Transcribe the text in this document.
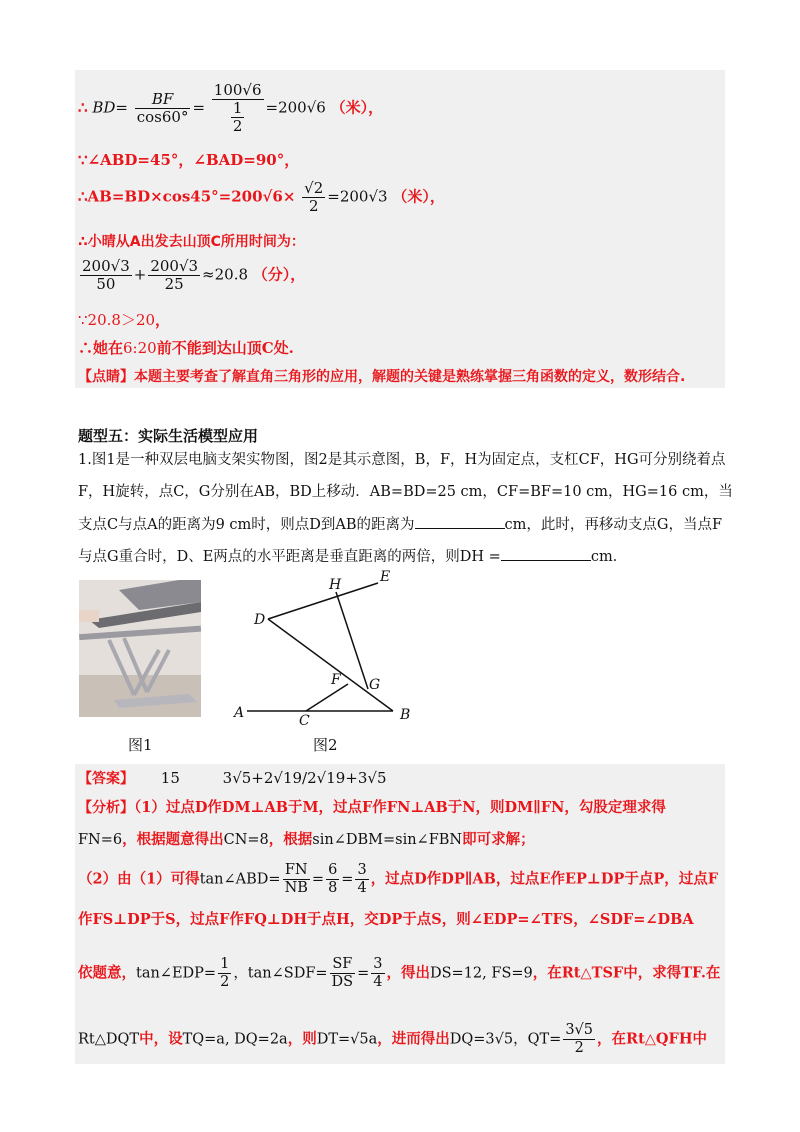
∴ $BD= \frac{BF}{\cos 60^\circ} = \frac{100√6}{\frac{1}{2}} =200√6$ （米），
∵∠ABD=45°，∠BAD=90°，
∴AB=BD×cos45°=200√6× $\frac{√2}{2} =200√3$ （米），
∴小晴从A出发去山顶C所用时间为：
$\frac{200√3}{50} + \frac{200√3}{25} \approx 20.8$ （分），
∵20.8＞20，
∴她在6:20前不能到达山顶C处.
【点睛】本题主要考查了解直角三角形的应用，解题的关键是熟练掌握三角函数的定义，数形结合.
题型五：实际生活模型应用
1.图1是一种双层电脑支架实物图，图2是其示意图，B，F，H为固定点，支杠CF，HG可分别绕着点
F，H旋转，点C，G分别在AB，BD上移动．AB=BD=25 cm，CF=BF=10 cm，HG=16 cm，当
支点C与点A的距离为9 cm时，则点D到AB的距离为	cm，此时，再移动支点G，当点F
与点G重合时，D、E两点的水平距离是垂直距离的两倍，则DH =	cm．
图1
A	B
C
D
E
F G
H
图2
【答案】 15	3√5+2√19/2√19+3√5
【分析】（1）过点D作DM⊥AB于M，过点F作FN⊥AB于N，则DM∥FN，勾股定理求得
FN=6，根据题意得出CN=8，根据sin∠DBM=sin∠FBN即可求解；
（2）由（1）可得tan∠ABD= $\frac{FN}{NB} = \frac{6}{8} = \frac{3}{4}$ ，过点D作DP∥AB，过点E作EP⊥DP于点P，过点F
作FS⊥DP于S，过点F作FQ⊥DH于点H，交DP于点S，则∠EDP=∠TFS，∠SDF=∠DBA
依题意，tan∠EDP= $\frac{1}{2}$ ，tan∠SDF= $\frac{SF}{DS} = \frac{3}{4}$ ，得出DS=12, FS=9，在Rt△TSF中，求得TF.在
Rt△DQT中，设TQ=a, DQ=2a，则DT=√5a，进而得出DQ=3√5，$QT= \frac{3√5}{2}$ ，在Rt△QFH中
